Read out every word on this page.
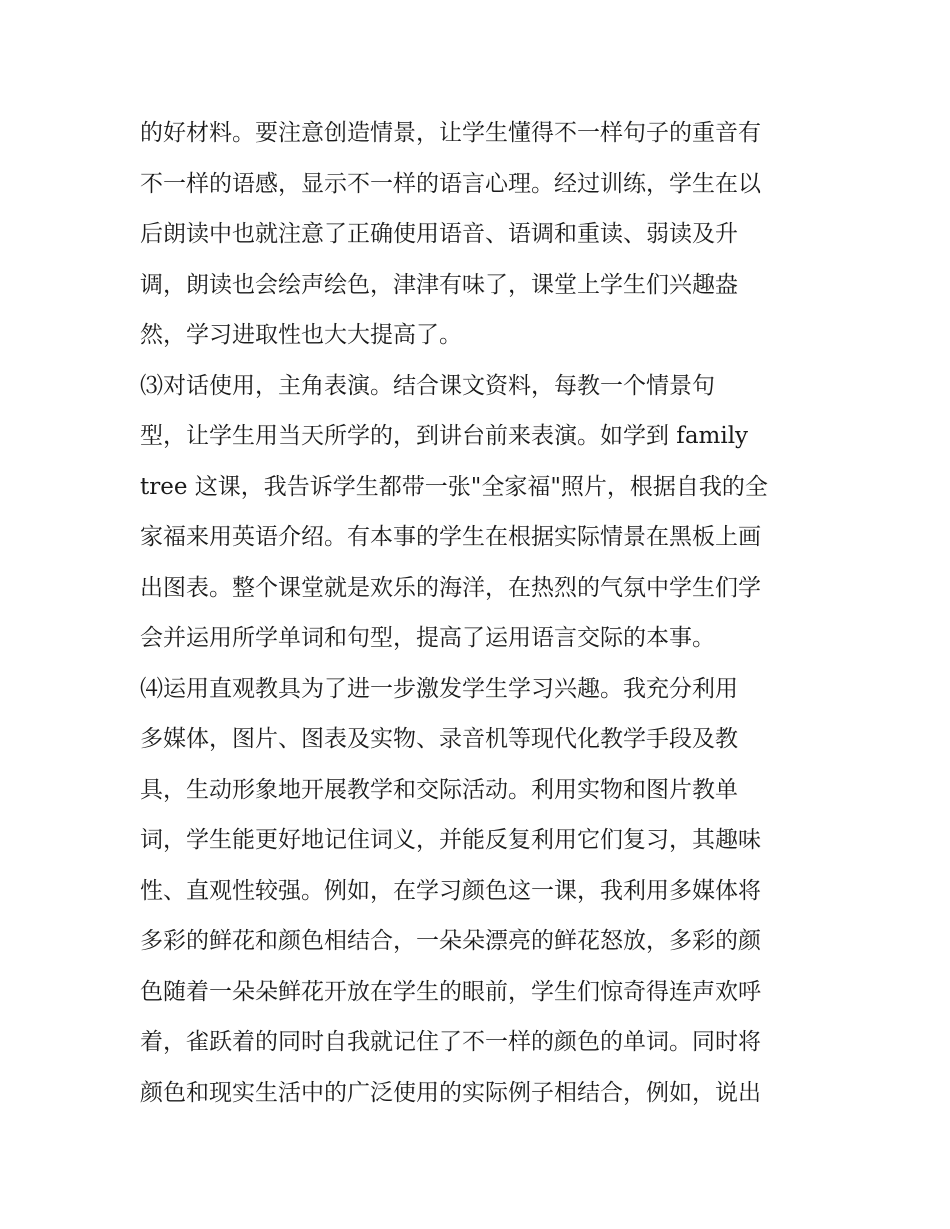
的好材料。要注意创造情景，让学生懂得不一样句子的重音有
不一样的语感，显示不一样的语言心理。经过训练，学生在以
后朗读中也就注意了正确使用语音、语调和重读、弱读及升
调，朗读也会绘声绘色，津津有味了，课堂上学生们兴趣盎
然，学习进取性也大大提高了。
⑶对话使用，主角表演。结合课文资料，每教一个情景句
型，让学生用当天所学的，到讲台前来表演。如学到 family
tree 这课，我告诉学生都带一张"全家福"照片，根据自我的全
家福来用英语介绍。有本事的学生在根据实际情景在黑板上画
出图表。整个课堂就是欢乐的海洋，在热烈的气氛中学生们学
会并运用所学单词和句型，提高了运用语言交际的本事。
⑷运用直观教具为了进一步激发学生学习兴趣。我充分利用
多媒体，图片、图表及实物、录音机等现代化教学手段及教
具，生动形象地开展教学和交际活动。利用实物和图片教单
词，学生能更好地记住词义，并能反复利用它们复习，其趣味
性、直观性较强。例如，在学习颜色这一课，我利用多媒体将
多彩的鲜花和颜色相结合，一朵朵漂亮的鲜花怒放，多彩的颜
色随着一朵朵鲜花开放在学生的眼前，学生们惊奇得连声欢呼
着，雀跃着的同时自我就记住了不一样的颜色的单词。同时将
颜色和现实生活中的广泛使用的实际例子相结合，例如，说出
